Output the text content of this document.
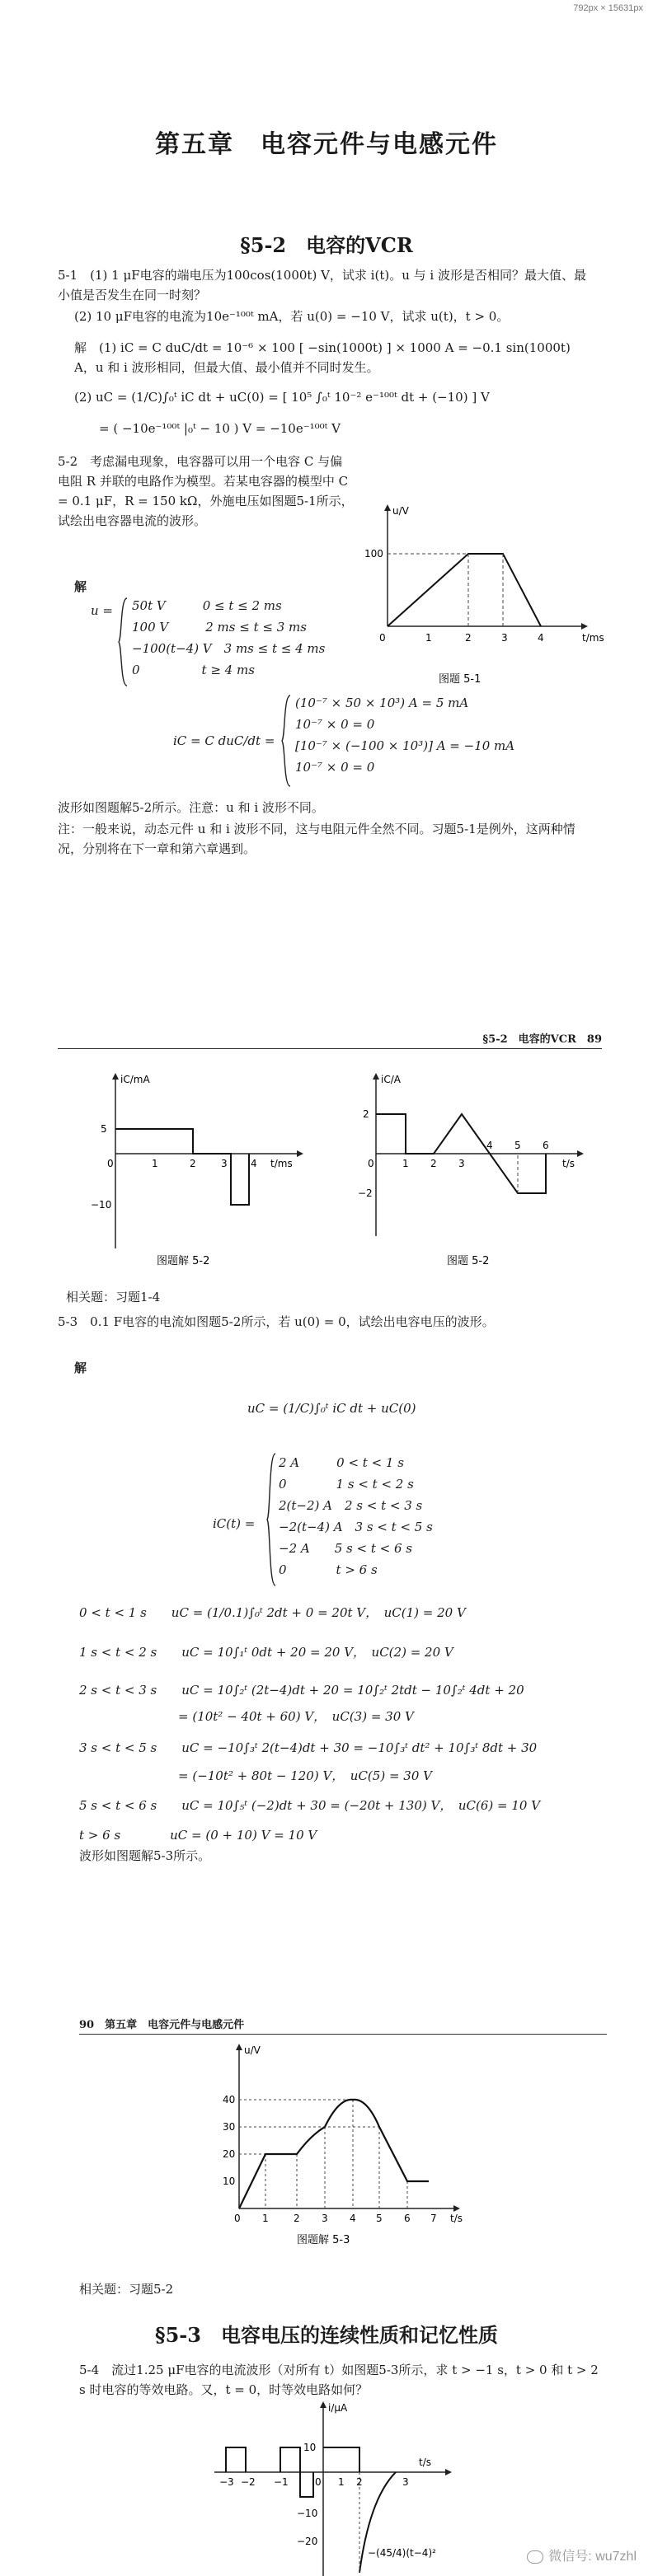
792px × 15631px
第五章　电容元件与电感元件
§5-2　电容的VCR
5-1　(1) 1 μF电容的端电压为100cos(1000t) V，试求 i(t)。u 与 i 波形是否相同？最大值、最小值是否发生在同一时刻？
(2) 10 μF电容的电流为10e⁻¹⁰⁰ᵗ mA，若 u(0) = −10 V，试求 u(t)，t > 0。
解　(1) iC = C duC/dt = 10⁻⁶ × 100 [ −sin(1000t) ] × 1000 A = −0.1 sin(1000t) A，u 和 i 波形相同，但最大值、最小值并不同时发生。
(2) uC = (1/C)∫₀ᵗ iC dt + uC(0) = [ 10⁵ ∫₀ᵗ 10⁻² e⁻¹⁰⁰ᵗ dt + (−10) ] V
= ( −10e⁻¹⁰⁰ᵗ |₀ᵗ − 10 ) V = −10e⁻¹⁰⁰ᵗ V
5-2　考虑漏电现象，电容器可以用一个电容 C 与偏电阻 R 并联的电路作为模型。若某电容器的模型中 C = 0.1 μF，R = 150 kΩ，外施电压如图题5-1所示，试绘出电容器电流的波形。
解
u/V
100
0	1	2	3	4	t/ms
图题 5-1
u = 50t V　　　0 ≤ t ≤ 2 ms
100 V　　　2 ms ≤ t ≤ 3 ms
−100(t−4) V　3 ms ≤ t ≤ 4 ms
0　　　　　t ≥ 4 ms
iC = C duC/dt =
(10⁻⁷ × 50 × 10³) A = 5 mA
10⁻⁷ × 0 = 0
[10⁻⁷ × (−100 × 10³)] A = −10 mA
10⁻⁷ × 0 = 0
波形如图题解5-2所示。注意：u 和 i 波形不同。
注：一般来说，动态元件 u 和 i 波形不同，这与电阻元件全然不同。习题5-1是例外，这两种情况，分别将在下一章和第六章遇到。
§5-2　电容的VCR　89
iC/mA
5
−10
0	1	2	3 4 t/ms
图题解 5-2
iC/A
2
−2
0	1 2 3
4 5 6
t/s
图题 5-2
相关题：习题1-4
5-3　0.1 F电容的电流如图题5-2所示，若 u(0) = 0，试绘出电容电压的波形。
解
uC = (1/C)∫₀ᵗ iC dt + uC(0)
iC(t) =
2 A　　　0 < t < 1 s
0　　　　1 s < t < 2 s
2(t−2) A　2 s < t < 3 s
−2(t−4) A　3 s < t < 5 s
−2 A　　5 s < t < 6 s
0　　　　t > 6 s
0 < t < 1 s　　uC = (1/0.1)∫₀ᵗ 2dt + 0 = 20t V，　uC(1) = 20 V
1 s < t < 2 s　　uC = 10∫₁ᵗ 0dt + 20 = 20 V，　uC(2) = 20 V
2 s < t < 3 s　　uC = 10∫₂ᵗ (2t−4)dt + 20 = 10∫₂ᵗ 2tdt − 10∫₂ᵗ 4dt + 20
　　　　　　　　= (10t² − 40t + 60) V，　uC(3) = 30 V
3 s < t < 5 s　　uC = −10∫₃ᵗ 2(t−4)dt + 30 = −10∫₃ᵗ dt² + 10∫₃ᵗ 8dt + 30
　　　　　　　　= (−10t² + 80t − 120) V，　uC(5) = 30 V
5 s < t < 6 s　　uC = 10∫₅ᵗ (−2)dt + 30 = (−20t + 130) V，　uC(6) = 10 V
t > 6 s　　　　uC = (0 + 10) V = 10 V
波形如图题解5-3所示。
90　第五章　电容元件与电感元件
u/V
40
30
20
10
0 1	2 3 4 5 6 7 t/s
图题解 5-3
相关题：习题5-2
§5-3　电容电压的连续性质和记忆性质
5-4　流过1.25 μF电容的电流波形（对所有 t）如图题5-3所示，求 t > −1 s，t > 0 和 t > 2 s 时电容的等效电路。又，t = 0，时等效电路如何？
i/μA
10
−10
−20
−3 −2 −1	0 1 2	3
t/s
−(45/4)(t−4)²	微信号: wu7zhl
